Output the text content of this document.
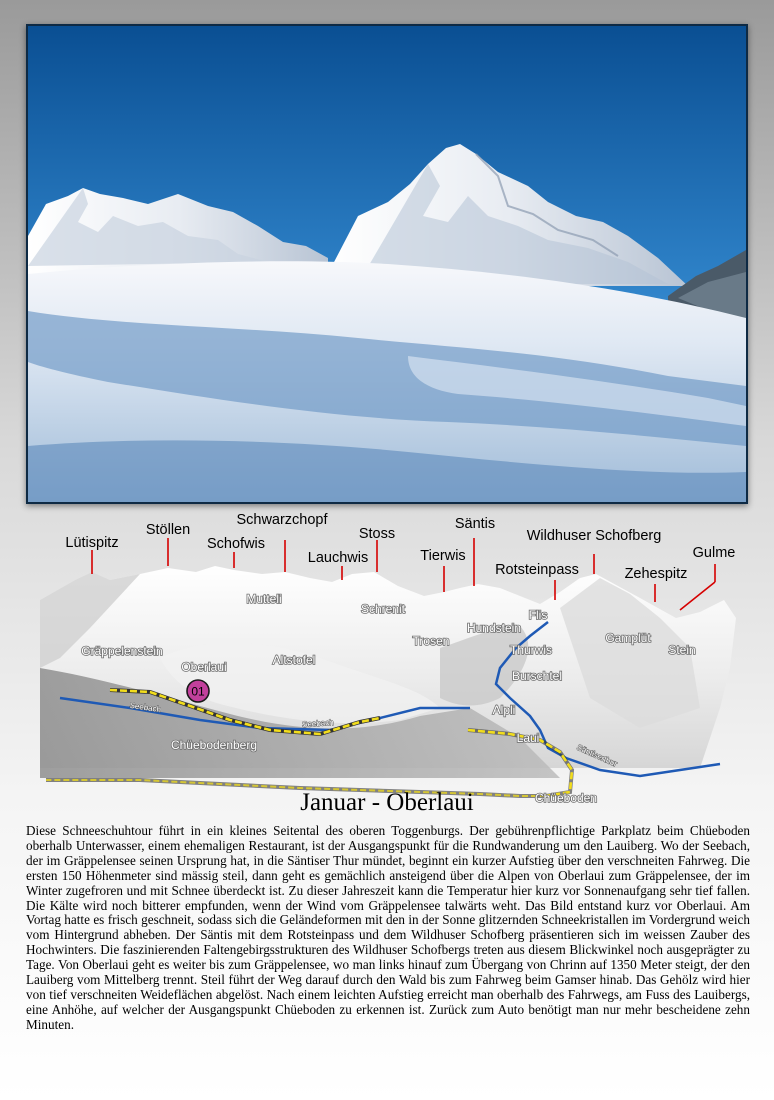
01
Lütispitz
Stöllen
Schofwis
Schwarzchopf
Lauchwis
Stoss
Tierwis
Säntis
Rotsteinpass
Wildhuser Schofberg
Zehespitz
Gulme
Mutteli
Schrenit
Gräppelenstein
Oberlaui	Altstofel
Trosen
Hundstein
Flis
Thurwis
Gamplüt
Stein
Burschtel
Alpli
Laui
Chüebodenberg
Chüeboden
Seebach
Seebach
Säntiserthur
Januar - Oberlaui

Diese Schneeschuhtour führt in ein kleines Seitental des oberen Toggenburgs. Der gebührenpflichtige Parkplatz beim Chüeboden oberhalb Unterwasser, einem ehemaligen Restaurant, ist der Ausgangspunkt für die Rundwanderung um den Lauiberg. Wo der Seebach, der im Gräppelensee seinen Ursprung hat, in die Säntiser Thur mündet, beginnt ein kurzer Aufstieg über den verschneiten Fahrweg. Die ersten 150 Höhenmeter sind mässig steil, dann geht es gemächlich ansteigend über die Alpen von Oberlaui zum Gräppelensee, der im Winter zugefroren und mit Schnee überdeckt ist. Zu dieser Jahreszeit kann die Temperatur hier kurz vor Sonnenaufgang sehr tief fallen. Die Kälte wird noch bitterer empfunden, wenn der Wind vom Gräppelensee talwärts weht. Das Bild entstand kurz vor Oberlaui. Am Vortag hatte es frisch geschneit, sodass sich die Geländeformen mit den in der Sonne glitzernden Schneekristallen im Vordergrund weich vom Hintergrund abheben. Der Säntis mit dem Rotsteinpass und dem Wildhuser Schofberg präsentieren sich im weissen Zauber des Hochwinters. Die faszinierenden Faltengebirgsstrukturen des Wildhuser Schofbergs treten aus diesem Blickwinkel noch ausgeprägter zu Tage. Von Oberlaui geht es weiter bis zum Gräppelensee, wo man links hinauf zum Übergang von Chrinn auf 1350 Meter steigt, der den Lauiberg vom Mittelberg trennt. Steil führt der Weg darauf durch den Wald bis zum Fahrweg beim Gamser hinab. Das Gehölz wird hier von tief verschneiten Weideflächen abgelöst. Nach einem leichten Aufstieg erreicht man oberhalb des Fahrwegs, am Fuss des Lauibergs, eine Anhöhe, auf welcher der Ausgangspunkt Chüeboden zu erkennen ist. Zurück zum Auto benötigt man nur mehr bescheidene zehn Minuten.
